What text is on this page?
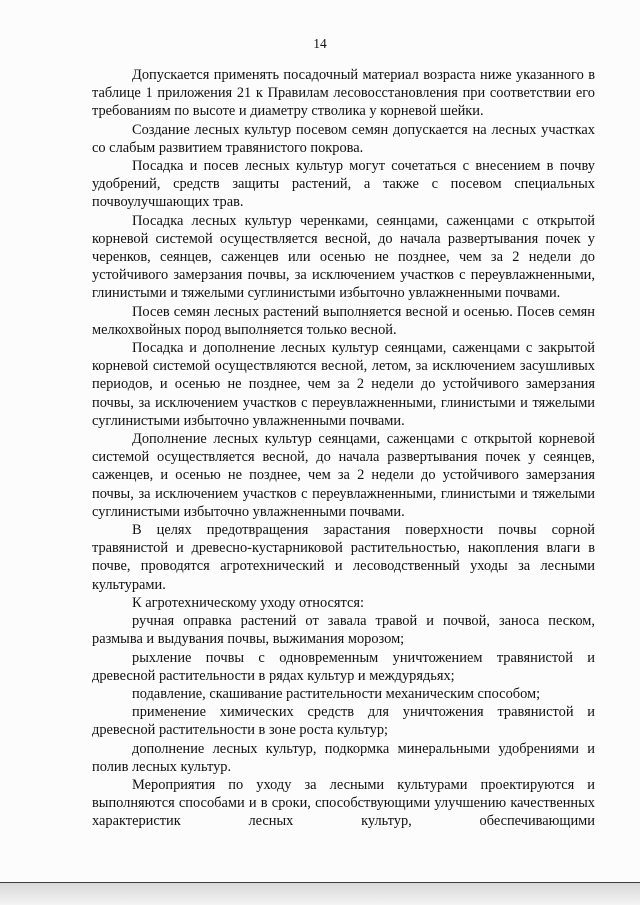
14

Допускается применять посадочный материал возраста ниже указанного в таблице 1 приложения 21 к Правилам лесовосстановления при соответствии его требованиям по высоте и диаметру стволика у корневой шейки.

Создание лесных культур посевом семян допускается на лесных участках со слабым развитием травянистого покрова.

Посадка и посев лесных культур могут сочетаться с внесением в почву удобрений, средств защиты растений, а также с посевом специальных почвоулучшающих трав.

Посадка лесных культур черенками, сеянцами, саженцами с открытой корневой системой осуществляется весной, до начала развертывания почек у черенков, сеянцев, саженцев или осенью не позднее, чем за 2 недели до устойчивого замерзания почвы, за исключением участков с переувлажненными, глинистыми и тяжелыми суглинистыми избыточно увлажненными почвами.

Посев семян лесных растений выполняется весной и осенью. Посев семян мелкохвойных пород выполняется только весной.

Посадка и дополнение лесных культур сеянцами, саженцами с закрытой корневой системой осуществляются весной, летом, за исключением засушливых периодов, и осенью не позднее, чем за 2 недели до устойчивого замерзания почвы, за исключением участков с переувлажненными, глинистыми и тяжелыми суглинистыми избыточно увлажненными почвами.

Дополнение лесных культур сеянцами, саженцами с открытой корневой системой осуществляется весной, до начала развертывания почек у сеянцев, саженцев, и осенью не позднее, чем за 2 недели до устойчивого замерзания почвы, за исключением участков с переувлажненными, глинистыми и тяжелыми суглинистыми избыточно увлажненными почвами.

В целях предотвращения зарастания поверхности почвы сорной травянистой и древесно-кустарниковой растительностью, накопления влаги в почве, проводятся агротехнический и лесоводственный уходы за лесными культурами.

К агротехническому уходу относятся:

ручная оправка растений от завала травой и почвой, заноса песком, размыва и выдувания почвы, выжимания морозом;

рыхление почвы с одновременным уничтожением травянистой и древесной растительности в рядах культур и междурядьях;

подавление, скашивание растительности механическим способом;

применение химических средств для уничтожения травянистой и древесной растительности в зоне роста культур;

дополнение лесных культур, подкормка минеральными удобрениями и полив лесных культур.

Мероприятия по уходу за лесными культурами проектируются и выполняются способами и в сроки, способствующими улучшению качественных характеристик лесных культур, обеспечивающими
